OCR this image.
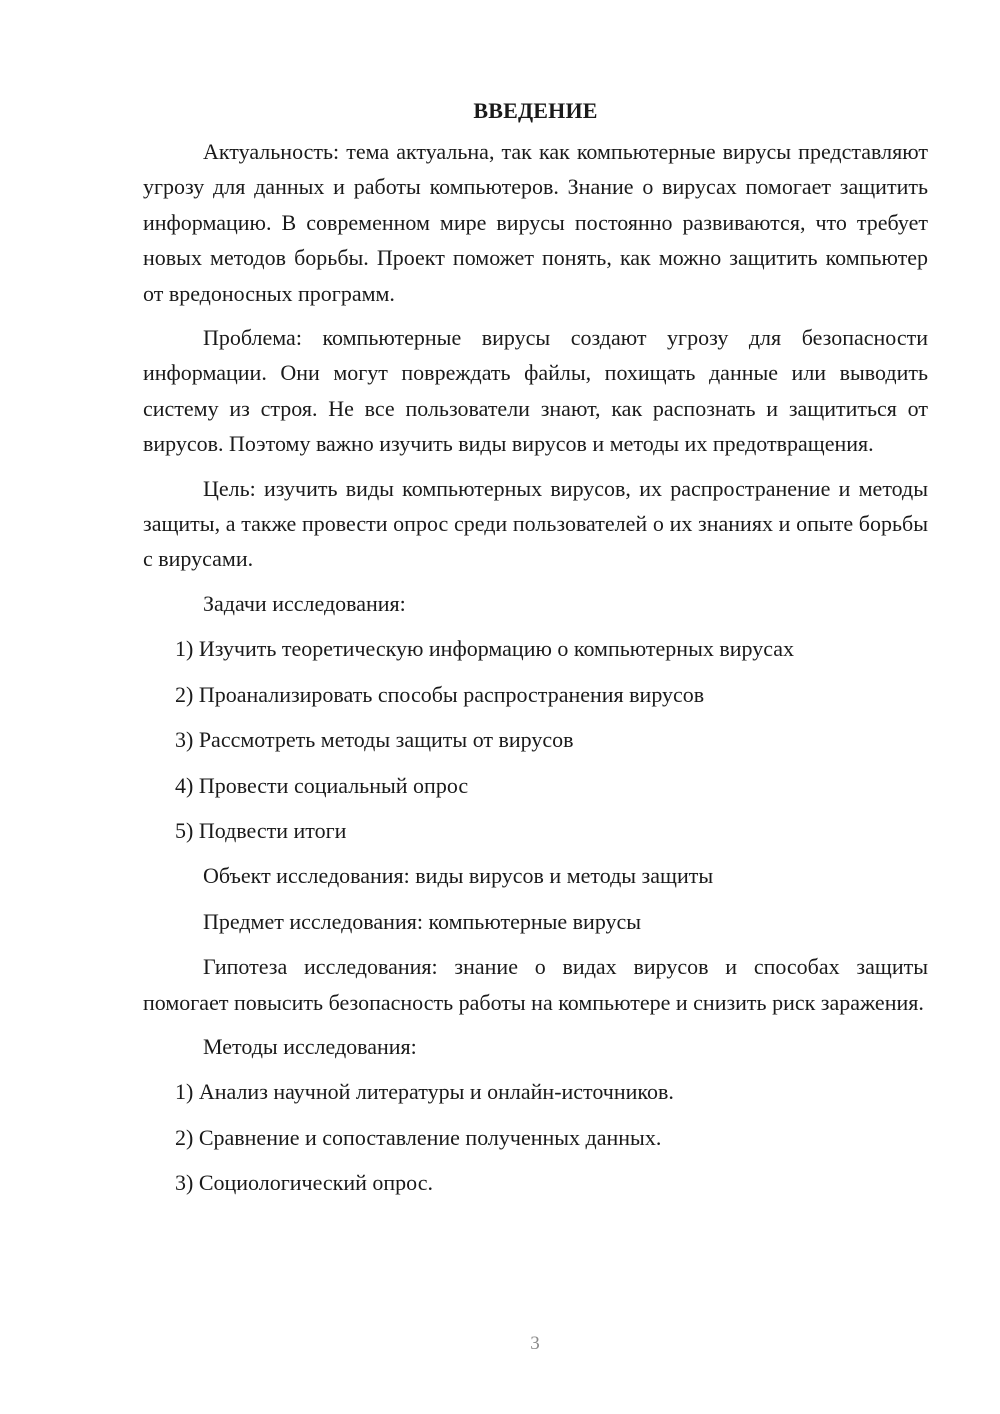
ВВЕДЕНИЕ

Актуальность: тема актуальна, так как компьютерные вирусы представляют угрозу для данных и работы компьютеров. Знание о вирусах помогает защитить информацию. В современном мире вирусы постоянно развиваются, что требует новых методов борьбы. Проект поможет понять, как можно защитить компьютер от вредоносных программ.

Проблема: компьютерные вирусы создают угрозу для безопасности информации. Они могут повреждать файлы, похищать данные или выводить систему из строя. Не все пользователи знают, как распознать и защититься от вирусов. Поэтому важно изучить виды вирусов и методы их предотвращения.

Цель: изучить виды компьютерных вирусов, их распространение и методы защиты, а также провести опрос среди пользователей о их знаниях и опыте борьбы с вирусами.

Задачи исследования:
1) Изучить теоретическую информацию о компьютерных вирусах
2) Проанализировать способы распространения вирусов
3) Рассмотреть методы защиты от вирусов
4) Провести социальный опрос
5) Подвести итоги
Объект исследования: виды вирусов и методы защиты
Предмет исследования: компьютерные вирусы

Гипотеза исследования: знание о видах вирусов и способах защиты помогает повысить безопасность работы на компьютере и снизить риск заражения.

Методы исследования:
1) Анализ научной литературы и онлайн-источников.
2) Сравнение и сопоставление полученных данных.
3) Социологический опрос.
3
